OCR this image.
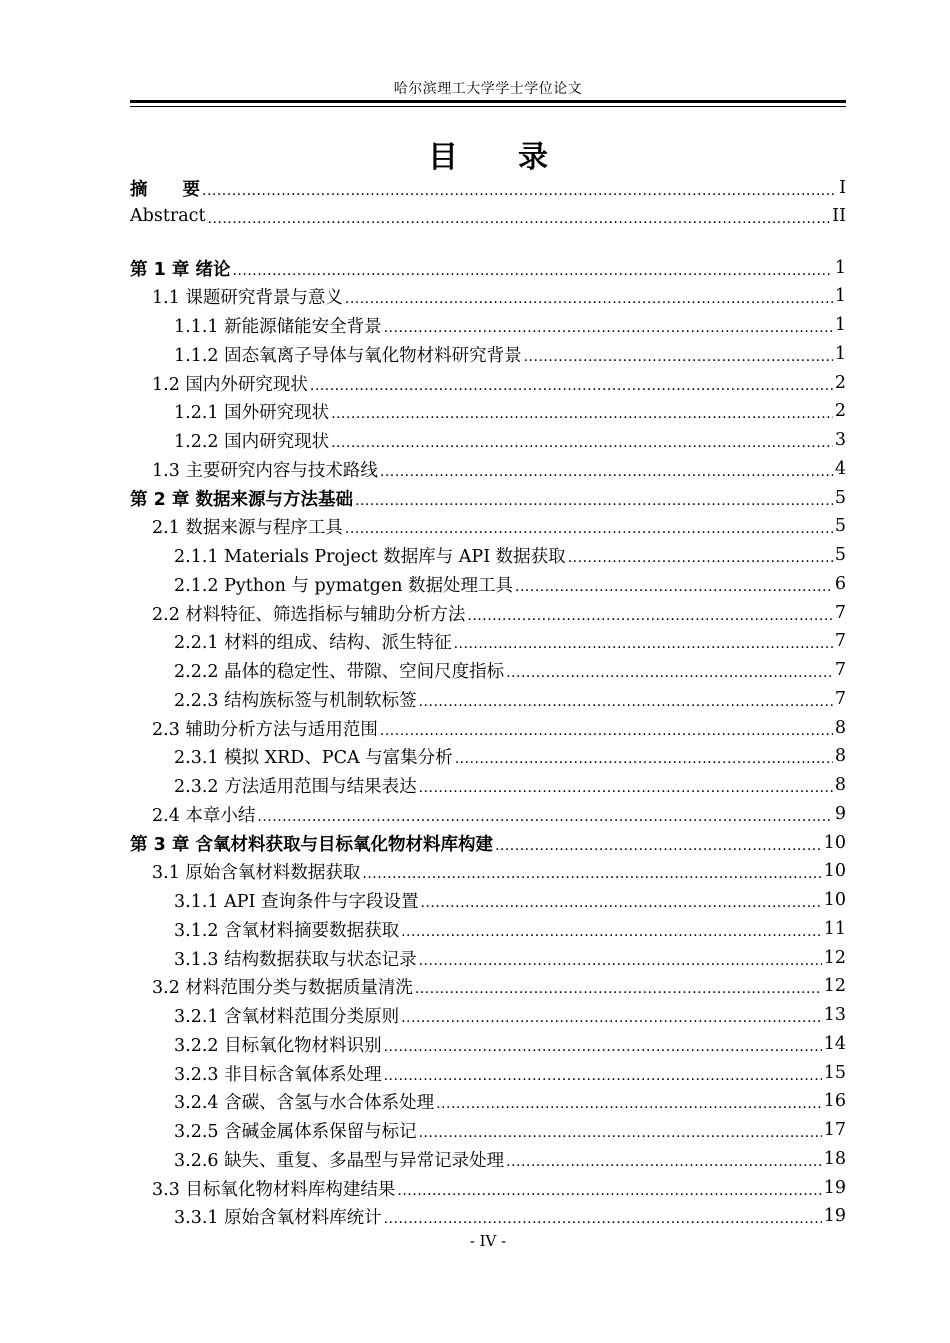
哈尔滨理工大学学士学位论文
目 录
摘　　要 .....	I
Abstract .....	II
第 1 章 绪论 .....	1
1.1 课题研究背景与意义 .....	1
1.1.1 新能源储能安全背景 .....	1
1.1.2 固态氧离子导体与氧化物材料研究背景 .....	1
1.2 国内外研究现状 .....	2
1.2.1 国外研究现状 .....	2
1.2.2 国内研究现状 .....	3
1.3 主要研究内容与技术路线 .....	4
第 2 章 数据来源与方法基础 .....	5
2.1 数据来源与程序工具 .....	5
2.1.1 Materials Project 数据库与 API 数据获取 .....	5
2.1.2 Python 与 pymatgen 数据处理工具 .....	6
2.2 材料特征、筛选指标与辅助分析方法 .....	7
2.2.1 材料的组成、结构、派生特征 .....	7
2.2.2 晶体的稳定性、带隙、空间尺度指标 .....	7
2.2.3 结构族标签与机制软标签 .....	7
2.3 辅助分析方法与适用范围 .....	8
2.3.1 模拟 XRD、PCA 与富集分析 .....	8
2.3.2 方法适用范围与结果表达 .....	8
2.4 本章小结 .....	9
第 3 章 含氧材料获取与目标氧化物材料库构建 .....	10
3.1 原始含氧材料数据获取 .....	10
3.1.1 API 查询条件与字段设置 .....	10
3.1.2 含氧材料摘要数据获取 .....	11
3.1.3 结构数据获取与状态记录 .....	12
3.2 材料范围分类与数据质量清洗 .....	12
3.2.1 含氧材料范围分类原则 .....	13
3.2.2 目标氧化物材料识别 .....	14
3.2.3 非目标含氧体系处理 .....	15
3.2.4 含碳、含氢与水合体系处理 .....	16
3.2.5 含碱金属体系保留与标记 .....	17
3.2.6 缺失、重复、多晶型与异常记录处理 .....	18
3.3 目标氧化物材料库构建结果 .....	19
3.3.1 原始含氧材料库统计 .....	19
- IV -
